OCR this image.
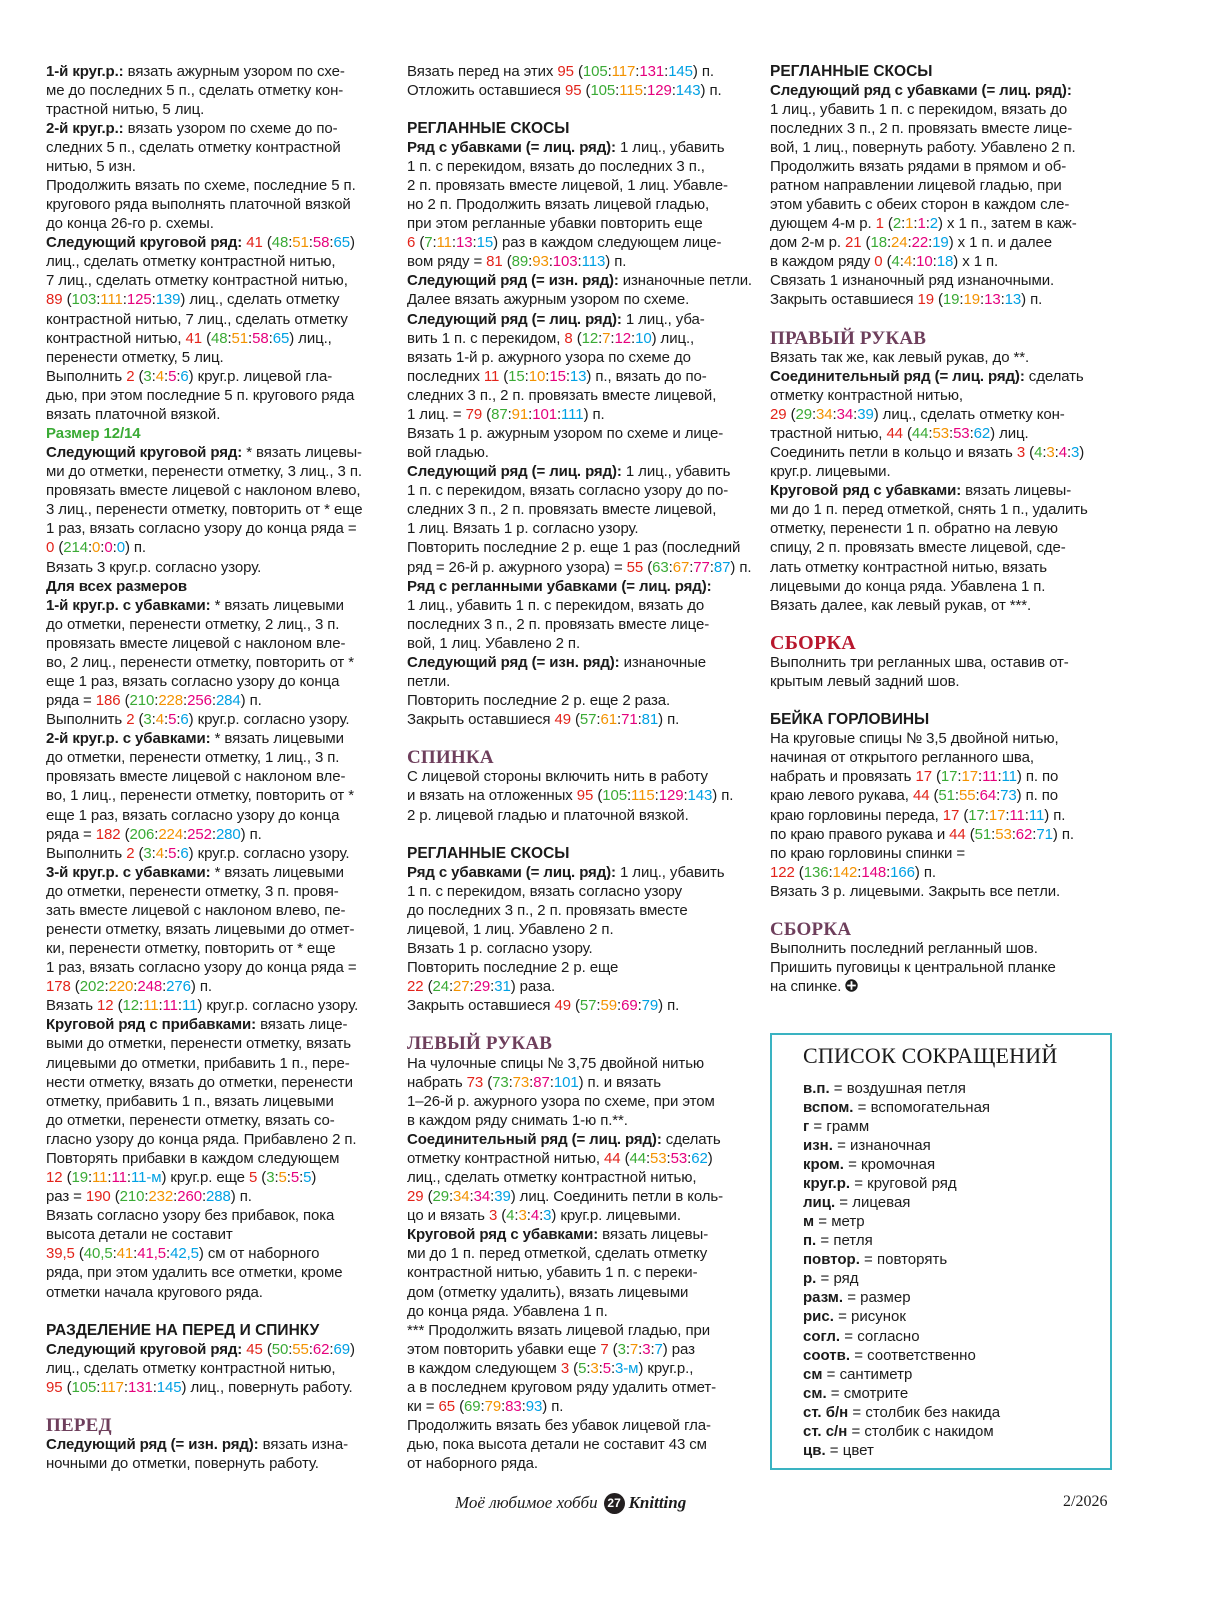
1-й круг.р.: вязать ажурным узором по схе-
ме до последних 5 п., сделать отметку кон-
трастной нитью, 5 лиц.
2-й круг.р.: вязать узором по схеме до по-
следних 5 п., сделать отметку контрастной
нитью, 5 изн.
Продолжить вязать по схеме, последние 5 п.
кругового ряда выполнять платочной вязкой
до конца 26-го р. схемы.
Следующий круговой ряд: 41 (48:51:58:65)
лиц., сделать отметку контрастной нитью,
7 лиц., сделать отметку контрастной нитью,
89 (103:111:125:139) лиц., сделать отметку
контрастной нитью, 7 лиц., сделать отметку
контрастной нитью, 41 (48:51:58:65) лиц.,
перенести отметку, 5 лиц.
Выполнить 2 (3:4:5:6) круг.р. лицевой гла-
дью, при этом последние 5 п. кругового ряда
вязать платочной вязкой.
Размер 12/14
Следующий круговой ряд: * вязать лицевы-
ми до отметки, перенести отметку, 3 лиц., 3 п.
провязать вместе лицевой с наклоном влево,
3 лиц., перенести отметку, повторить от * еще
1 раз, вязать согласно узору до конца ряда =
0 (214:0:0:0) п.
Вязать 3 круг.р. согласно узору.
Для всех размеров
1-й круг.р. с убавками: * вязать лицевыми
до отметки, перенести отметку, 2 лиц., 3 п.
провязать вместе лицевой с наклоном вле-
во, 2 лиц., перенести отметку, повторить от *
еще 1 раз, вязать согласно узору до конца
ряда = 186 (210:228:256:284) п.
Выполнить 2 (3:4:5:6) круг.р. согласно узору.
2-й круг.р. с убавками: * вязать лицевыми
до отметки, перенести отметку, 1 лиц., 3 п.
провязать вместе лицевой с наклоном вле-
во, 1 лиц., перенести отметку, повторить от *
еще 1 раз, вязать согласно узору до конца
ряда = 182 (206:224:252:280) п.
Выполнить 2 (3:4:5:6) круг.р. согласно узору.
3-й круг.р. с убавками: * вязать лицевыми
до отметки, перенести отметку, 3 п. провя-
зать вместе лицевой с наклоном влево, пе-
ренести отметку, вязать лицевыми до отмет-
ки, перенести отметку, повторить от * еще
1 раз, вязать согласно узору до конца ряда =
178 (202:220:248:276) п.
Вязать 12 (12:11:11:11) круг.р. согласно узору.
Круговой ряд с прибавками: вязать лице-
выми до отметки, перенести отметку, вязать
лицевыми до отметки, прибавить 1 п., пере-
нести отметку, вязать до отметки, перенести
отметку, прибавить 1 п., вязать лицевыми
до отметки, перенести отметку, вязать со-
гласно узору до конца ряда. Прибавлено 2 п.
Повторять прибавки в каждом следующем
12 (19:11:11:11-м) круг.р. еще 5 (3:5:5:5)
раз = 190 (210:232:260:288) п.
Вязать согласно узору без прибавок, пока
высота детали не составит
39,5 (40,5:41:41,5:42,5) см от наборного
ряда, при этом удалить все отметки, кроме
отметки начала кругового ряда.
РАЗДЕЛЕНИЕ НА ПЕРЕД И СПИНКУ
Следующий круговой ряд: 45 (50:55:62:69)
лиц., сделать отметку контрастной нитью,
95 (105:117:131:145) лиц., повернуть работу.
ПЕРЕД
Следующий ряд (= изн. ряд): вязать изна-
ночными до отметки, повернуть работу.
Вязать перед на этих 95 (105:117:131:145) п.
Отложить оставшиеся 95 (105:115:129:143) п.
РЕГЛАННЫЕ СКОСЫ
Ряд с убавками (= лиц. ряд): 1 лиц., убавить
1 п. с перекидом, вязать до последних 3 п.,
2 п. провязать вместе лицевой, 1 лиц. Убавле-
но 2 п. Продолжить вязать лицевой гладью,
при этом регланные убавки повторить еще
6 (7:11:13:15) раз в каждом следующем лице-
вом ряду = 81 (89:93:103:113) п.
Следующий ряд (= изн. ряд): изнаночные петли.
Далее вязать ажурным узором по схеме.
Следующий ряд (= лиц. ряд): 1 лиц., уба-
вить 1 п. с перекидом, 8 (12:7:12:10) лиц.,
вязать 1-й р. ажурного узора по схеме до
последних 11 (15:10:15:13) п., вязать до по-
следних 3 п., 2 п. провязать вместе лицевой,
1 лиц. = 79 (87:91:101:111) п.
Вязать 1 р. ажурным узором по схеме и лице-
вой гладью.
Следующий ряд (= лиц. ряд): 1 лиц., убавить
1 п. с перекидом, вязать согласно узору до по-
следних 3 п., 2 п. провязать вместе лицевой,
1 лиц. Вязать 1 р. согласно узору.
Повторить последние 2 р. еще 1 раз (последний
ряд = 26-й р. ажурного узора) = 55 (63:67:77:87) п.
Ряд с регланными убавками (= лиц. ряд):
1 лиц., убавить 1 п. с перекидом, вязать до
последних 3 п., 2 п. провязать вместе лице-
вой, 1 лиц. Убавлено 2 п.
Следующий ряд (= изн. ряд): изнаночные
петли.
Повторить последние 2 р. еще 2 раза.
Закрыть оставшиеся 49 (57:61:71:81) п.
СПИНКА
С лицевой стороны включить нить в работу
и вязать на отложенных 95 (105:115:129:143) п.
2 р. лицевой гладью и платочной вязкой.
РЕГЛАННЫЕ СКОСЫ
Ряд с убавками (= лиц. ряд): 1 лиц., убавить
1 п. с перекидом, вязать согласно узору
до последних 3 п., 2 п. провязать вместе
лицевой, 1 лиц. Убавлено 2 п.
Вязать 1 р. согласно узору.
Повторить последние 2 р. еще
22 (24:27:29:31) раза.
Закрыть оставшиеся 49 (57:59:69:79) п.
ЛЕВЫЙ РУКАВ
На чулочные спицы № 3,75 двойной нитью
набрать 73 (73:73:87:101) п. и вязать
1–26-й р. ажурного узора по схеме, при этом
в каждом ряду снимать 1-ю п.**.
Соединительный ряд (= лиц. ряд): сделать
отметку контрастной нитью, 44 (44:53:53:62)
лиц., сделать отметку контрастной нитью,
29 (29:34:34:39) лиц. Соединить петли в коль-
цо и вязать 3 (4:3:4:3) круг.р. лицевыми.
Круговой ряд с убавками: вязать лицевы-
ми до 1 п. перед отметкой, сделать отметку
контрастной нитью, убавить 1 п. с переки-
дом (отметку удалить), вязать лицевыми
до конца ряда. Убавлена 1 п.
*** Продолжить вязать лицевой гладью, при
этом повторить убавки еще 7 (3:7:3:7) раз
в каждом следующем 3 (5:3:5:3-м) круг.р.,
а в последнем круговом ряду удалить отмет-
ки = 65 (69:79:83:93) п.
Продолжить вязать без убавок лицевой гла-
дью, пока высота детали не составит 43 см
от наборного ряда.
РЕГЛАННЫЕ СКОСЫ
Следующий ряд с убавками (= лиц. ряд):
1 лиц., убавить 1 п. с перекидом, вязать до
последних 3 п., 2 п. провязать вместе лице-
вой, 1 лиц., повернуть работу. Убавлено 2 п.
Продолжить вязать рядами в прямом и об-
ратном направлении лицевой гладью, при
этом убавить с обеих сторон в каждом сле-
дующем 4-м р. 1 (2:1:1:2) х 1 п., затем в каж-
дом 2-м р. 21 (18:24:22:19) х 1 п. и далее
в каждом ряду 0 (4:4:10:18) х 1 п.
Связать 1 изнаночный ряд изнаночными.
Закрыть оставшиеся 19 (19:19:13:13) п.
ПРАВЫЙ РУКАВ
Вязать так же, как левый рукав, до **.
Соединительный ряд (= лиц. ряд): сделать
отметку контрастной нитью,
29 (29:34:34:39) лиц., сделать отметку кон-
трастной нитью, 44 (44:53:53:62) лиц.
Соединить петли в кольцо и вязать 3 (4:3:4:3)
круг.р. лицевыми.
Круговой ряд с убавками: вязать лицевы-
ми до 1 п. перед отметкой, снять 1 п., удалить
отметку, перенести 1 п. обратно на левую
спицу, 2 п. провязать вместе лицевой, сде-
лать отметку контрастной нитью, вязать
лицевыми до конца ряда. Убавлена 1 п.
Вязать далее, как левый рукав, от ***.
СБОРКА
Выполнить три регланных шва, оставив от-
крытым левый задний шов.
БЕЙКА ГОРЛОВИНЫ
На круговые спицы № 3,5 двойной нитью,
начиная от открытого регланного шва,
набрать и провязать 17 (17:17:11:11) п. по
краю левого рукава, 44 (51:55:64:73) п. по
краю горловины переда, 17 (17:17:11:11) п.
по краю правого рукава и 44 (51:53:62:71) п.
по краю горловины спинки =
122 (136:142:148:166) п.
Вязать 3 р. лицевыми. Закрыть все петли.
СБОРКА
Выполнить последний регланный шов.
Пришить пуговицы к центральной планке
на спинке.
СПИСОК СОКРАЩЕНИЙ
в.п. = воздушная петля
вспом. = вспомогательная
г = грамм
изн. = изнаночная
кром. = кромочная
круг.р. = круговой ряд
лиц. = лицевая
м = метр
п. = петля
повтор. = повторять
р. = ряд
разм. = размер
рис. = рисунок
согл. = согласно
соотв. = соответственно
см = сантиметр
см. = смотрите
ст. б/н = столбик без накида
ст. с/н = столбик с накидом
цв. = цвет
Моё любимое хобби 27 Knitting	2/2026
